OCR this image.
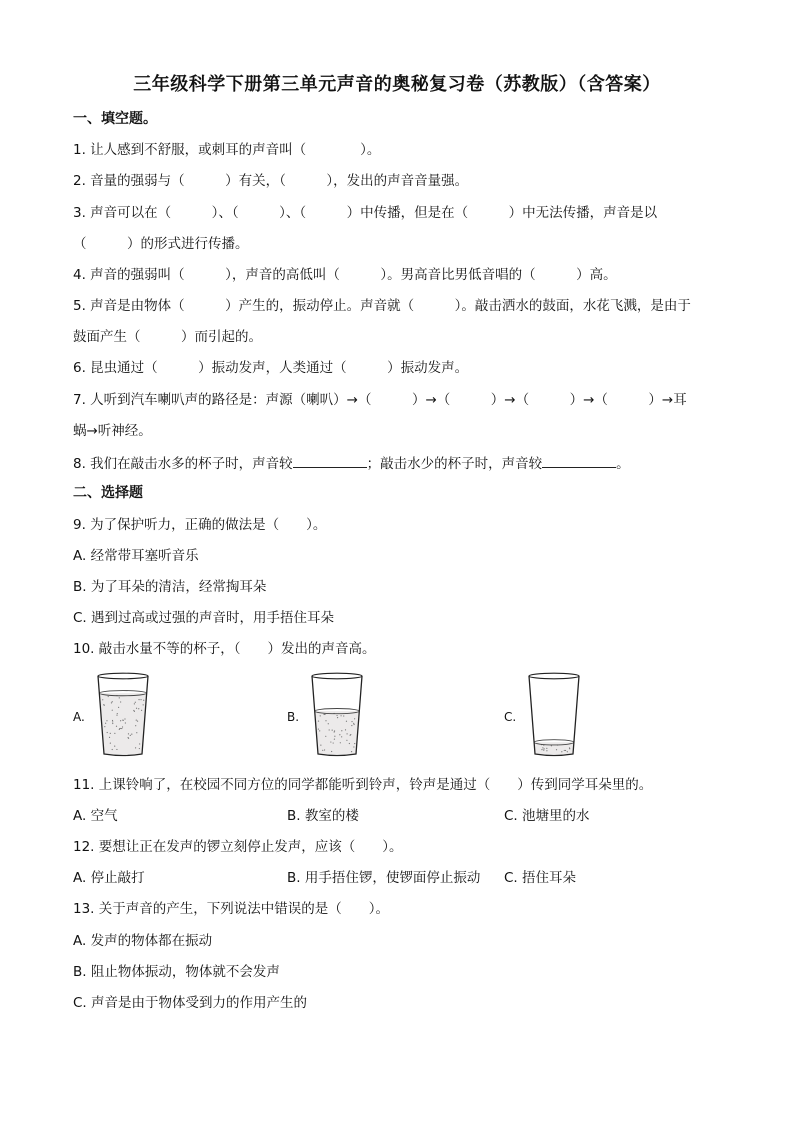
三年级科学下册第三单元声音的奥秘复习卷（苏教版）（含答案）
一、填空题。
1. 让人感到不舒服，或刺耳的声音叫（　　　　）。
2. 音量的强弱与（　　　）有关，（　　　），发出的声音音量强。
3. 声音可以在（　　　）、（　　　）、（　　　）中传播，但是在（　　　）中无法传播，声音是以
（　　　）的形式进行传播。
4. 声音的强弱叫（　　　），声音的高低叫（　　　）。男高音比男低音唱的（　　　）高。
5. 声音是由物体（　　　）产生的，振动停止。声音就（　　　）。敲击洒水的鼓面，水花飞溅，是由于
鼓面产生（　　　）而引起的。
6. 昆虫通过（　　　）振动发声，人类通过（　　　）振动发声。
7. 人听到汽车喇叭声的路径是：声源（喇叭）→（　　　）→（　　　）→（　　　）→（　　　）→耳
蜗→听神经。
8. 我们在敲击水多的杯子时，声音较	；敲击水少的杯子时，声音较	。
二、选择题
9. 为了保护听力，正确的做法是（　　）。
A. 经常带耳塞听音乐
B. 为了耳朵的清洁，经常掏耳朵
C. 遇到过高或过强的声音时，用手捂住耳朵
10. 敲击水量不等的杯子，（　　）发出的声音高。
A.	B.	C.
11. 上课铃响了，在校园不同方位的同学都能听到铃声，铃声是通过（　　）传到同学耳朵里的。
A. 空气	B. 教室的楼	C. 池塘里的水
12. 要想让正在发声的锣立刻停止发声，应该（　　）。
A. 停止敲打	B. 用手捂住锣，使锣面停止振动 C. 捂住耳朵
13. 关于声音的产生，下列说法中错误的是（　　）。
A. 发声的物体都在振动
B. 阻止物体振动，物体就不会发声
C. 声音是由于物体受到力的作用产生的
